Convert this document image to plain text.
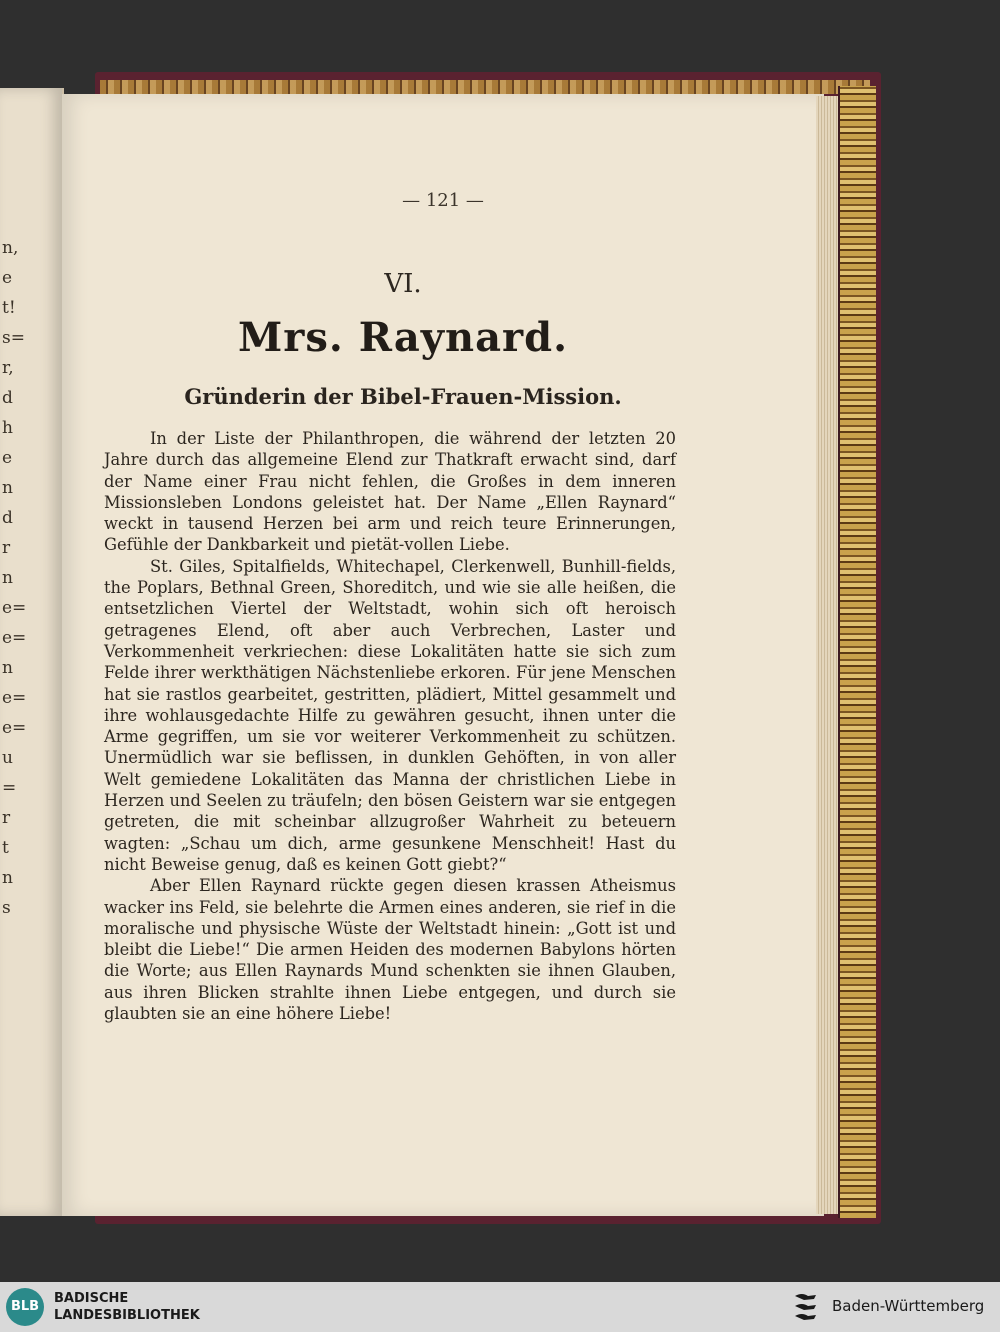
n,
e
t!
s=
r,
d
h
e
n
d
r
n
e=
e=
n
e=
e=
u
=
r
t
n
s
— 121 —
VI.
Mrs. Raynard.
Gründerin der Bibel-Frauen-Mission.

In der Liste der Philanthropen, die während der letzten 20 Jahre durch das allgemeine Elend zur Thatkraft erwacht sind, darf der Name einer Frau nicht fehlen, die Großes in dem inneren Missionsleben Londons geleistet hat. Der Name „Ellen Raynard“ weckt in tausend Herzen bei arm und reich teure Erinnerungen, Gefühle der Dankbarkeit und pietät-vollen Liebe.

St. Giles, Spitalfields, Whitechapel, Clerkenwell, Bunhill-fields, the Poplars, Bethnal Green, Shoreditch, und wie sie alle heißen, die entsetzlichen Viertel der Weltstadt, wohin sich oft heroisch getragenes Elend, oft aber auch Verbrechen, Laster und Verkommenheit verkriechen: diese Lokalitäten hatte sie sich zum Felde ihrer werkthätigen Nächstenliebe erkoren. Für jene Menschen hat sie rastlos gearbeitet, gestritten, plädiert, Mittel gesammelt und ihre wohlausgedachte Hilfe zu gewähren gesucht, ihnen unter die Arme gegriffen, um sie vor weiterer Verkommenheit zu schützen. Unermüdlich war sie beflissen, in dunklen Gehöften, in von aller Welt gemiedene Lokalitäten das Manna der christlichen Liebe in Herzen und Seelen zu träufeln; den bösen Geistern war sie entgegen getreten, die mit scheinbar allzugroßer Wahrheit zu beteuern wagten: „Schau um dich, arme gesunkene Menschheit! Hast du nicht Beweise genug, daß es keinen Gott giebt?“

Aber Ellen Raynard rückte gegen diesen krassen Atheismus wacker ins Feld, sie belehrte die Armen eines anderen, sie rief in die moralische und physische Wüste der Weltstadt hinein: „Gott ist und bleibt die Liebe!“ Die armen Heiden des modernen Babylons hörten die Worte; aus Ellen Raynards Mund schenkten sie ihnen Glauben, aus ihren Blicken strahlte ihnen Liebe entgegen, und durch sie glaubten sie an eine höhere Liebe!

BLB
BADISCHE
LANDESBIBLIOTHEK
Baden-Württemberg
